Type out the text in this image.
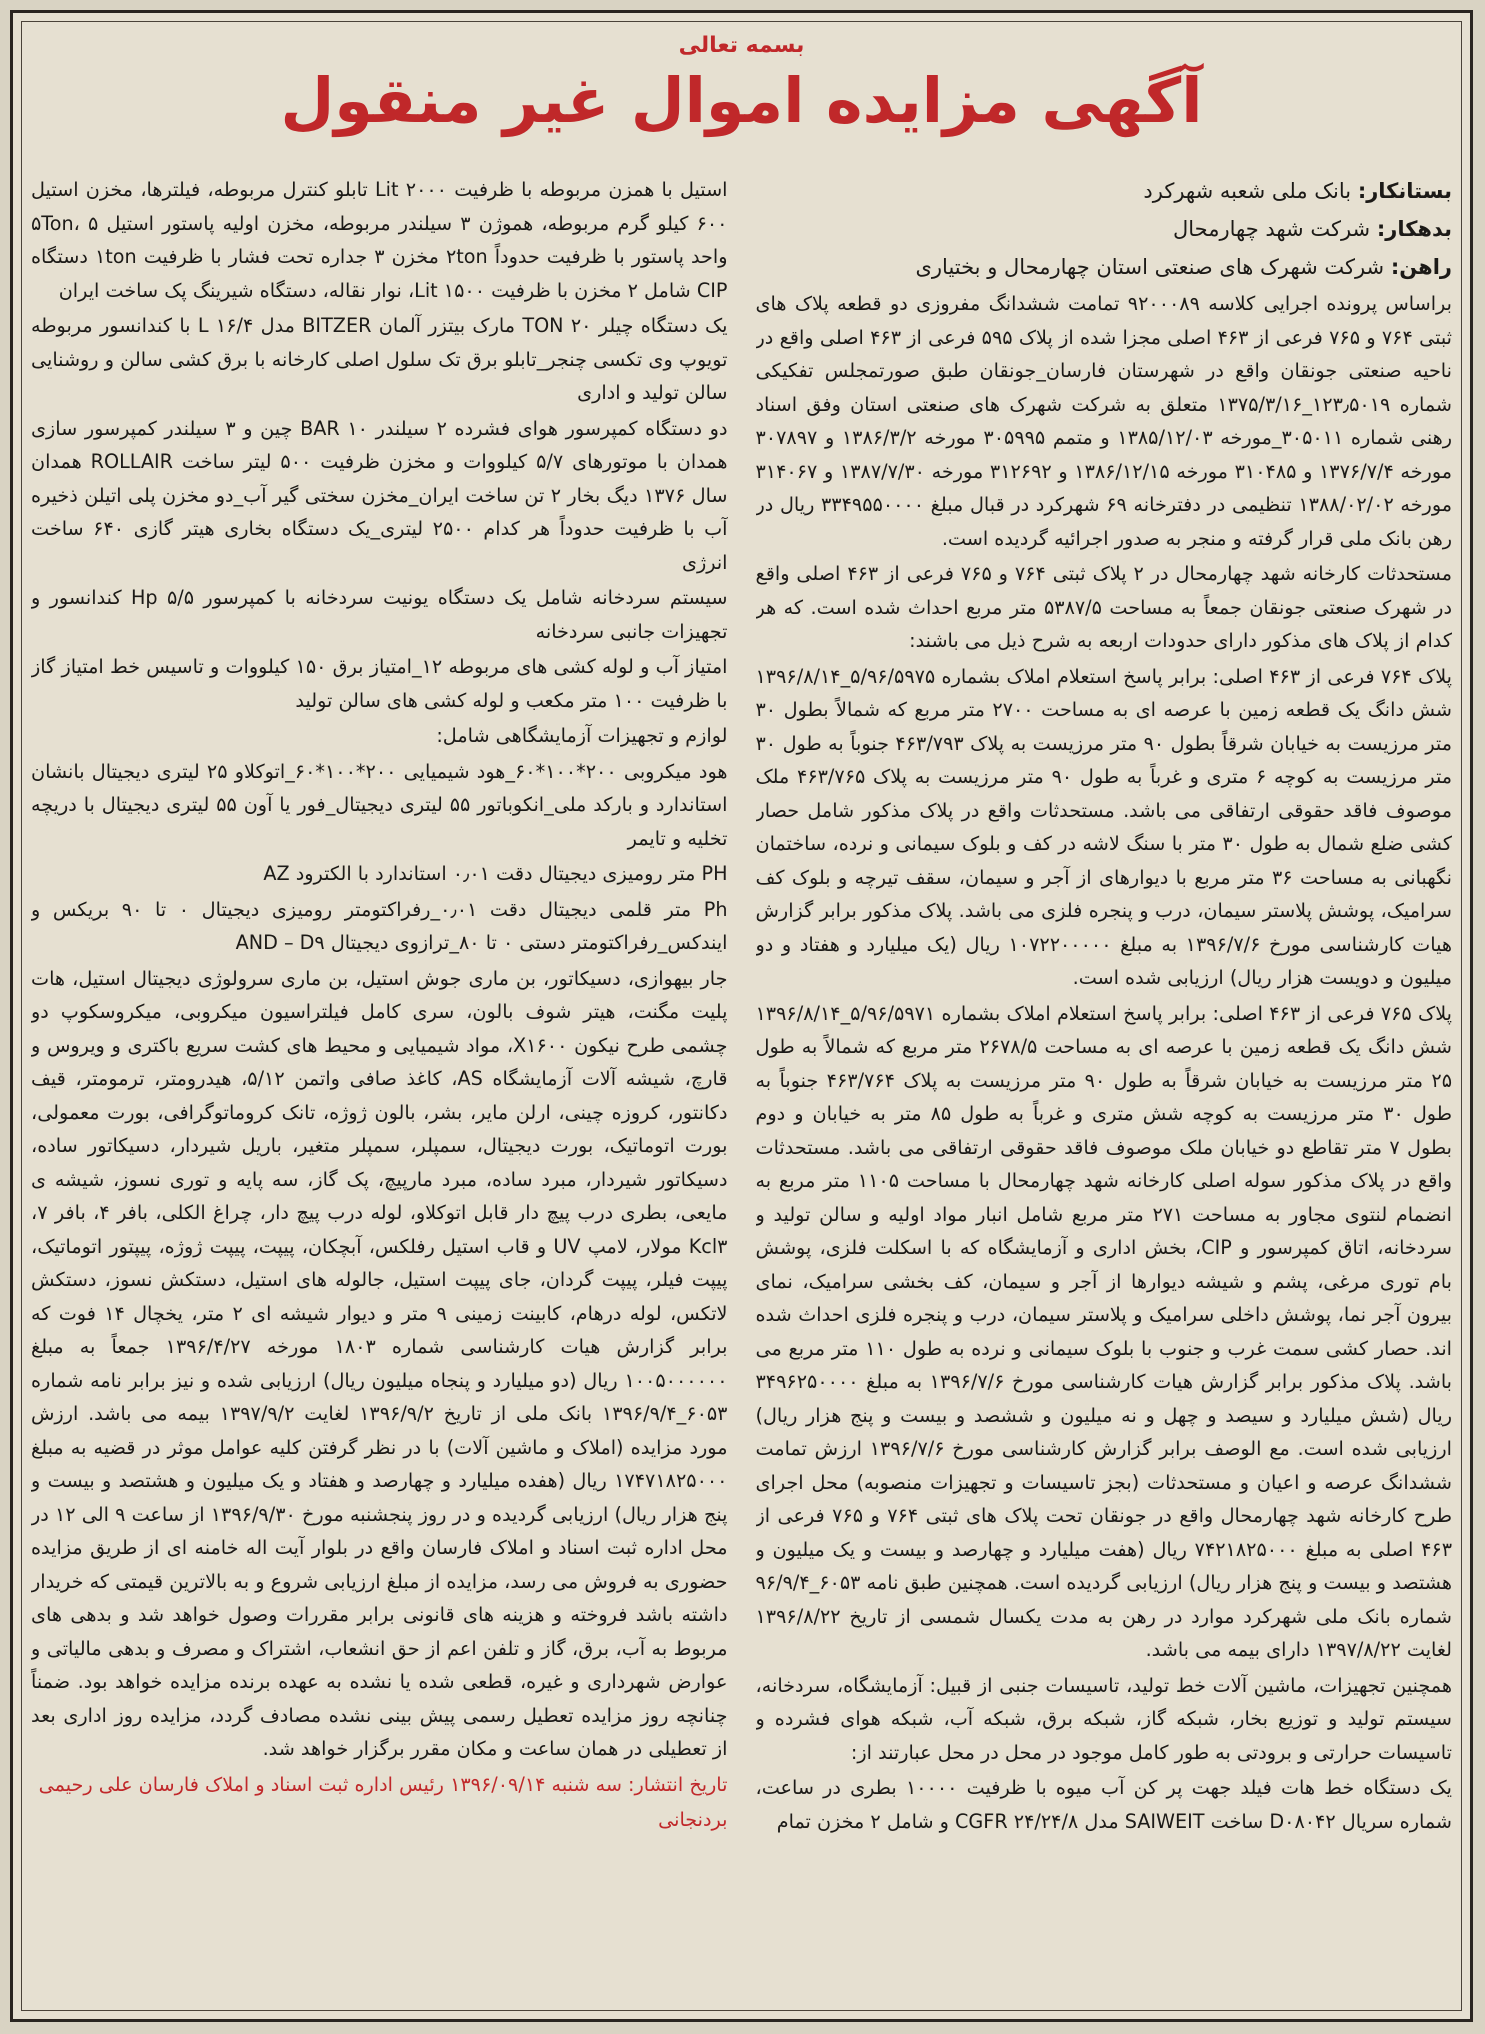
بسمه تعالی
آگهی مزایده اموال غیر منقول

بستانکار: بانک ملی شعبه شهرکرد

بدهکار: شرکت شهد چهارمحال

راهن: شرکت شهرک های صنعتی استان چهارمحال و بختیاری

براساس پرونده اجرایی کلاسه ۹۲۰۰۰۸۹ تمامت ششدانگ مفروزی دو قطعه پلاک های ثبتی ۷۶۴ و ۷۶۵ فرعی از ۴۶۳ اصلی مجزا شده از پلاک ۵۹۵ فرعی از ۴۶۳ اصلی واقع در ناحیه صنعتی جونقان واقع در شهرستان فارسان_جونقان طبق صورتمجلس تفکیکی شماره ۱۲۳٫۵۰۱۹_۱۳۷۵/۳/۱۶ متعلق به شرکت شهرک های صنعتی استان وفق اسناد رهنی شماره ۳۰۵۰۱۱_مورخه ۱۳۸۵/۱۲/۰۳ و متمم ۳۰۵۹۹۵ مورخه ۱۳۸۶/۳/۲ و ۳۰۷۸۹۷ مورخه ۱۳۷۶/۷/۴ و ۳۱۰۴۸۵ مورخه ۱۳۸۶/۱۲/۱۵ و ۳۱۲۶۹۲ مورخه ۱۳۸۷/۷/۳۰ و ۳۱۴۰۶۷ مورخه ۱۳۸۸/۰۲/۰۲ تنظیمی در دفترخانه ۶۹ شهرکرد در قبال مبلغ ۳۳۴۹۵۵۰۰۰۰ ریال در رهن بانک ملی قرار گرفته و منجر به صدور اجرائیه گردیده است.

مستحدثات کارخانه شهد چهارمحال در ۲ پلاک ثبتی ۷۶۴ و ۷۶۵ فرعی از ۴۶۳ اصلی واقع در شهرک صنعتی جونقان جمعاً به مساحت ۵۳۸۷/۵ متر مربع احداث شده است. که هر کدام از پلاک های مذکور دارای حدودات اربعه به شرح ذیل می باشند:

پلاک ۷۶۴ فرعی از ۴۶۳ اصلی: برابر پاسخ استعلام املاک بشماره ۵/۹۶/۵۹۷۵_۱۳۹۶/۸/۱۴ شش دانگ یک قطعه زمین با عرصه ای به مساحت ۲۷۰۰ متر مربع که شمالاً بطول ۳۰ متر مرزیست به خیابان شرقاً بطول ۹۰ متر مرزیست به پلاک ۴۶۳/۷۹۳ جنوباً به طول ۳۰ متر مرزیست به کوچه ۶ متری و غرباً به طول ۹۰ متر مرزیست به پلاک ۴۶۳/۷۶۵ ملک موصوف فاقد حقوقی ارتفاقی می باشد. مستحدثات واقع در پلاک مذکور شامل حصار کشی ضلع شمال به طول ۳۰ متر با سنگ لاشه در کف و بلوک سیمانی و نرده، ساختمان نگهبانی به مساحت ۳۶ متر مربع با دیوارهای از آجر و سیمان، سقف تیرچه و بلوک کف سرامیک، پوشش پلاستر سیمان، درب و پنجره فلزی می باشد. پلاک مذکور برابر گزارش هیات کارشناسی مورخ ۱۳۹۶/۷/۶ به مبلغ ۱۰۷۲۲۰۰۰۰۰ ریال (یک میلیارد و هفتاد و دو میلیون و دویست هزار ریال) ارزیابی شده است.

پلاک ۷۶۵ فرعی از ۴۶۳ اصلی: برابر پاسخ استعلام املاک بشماره ۵/۹۶/۵۹۷۱_۱۳۹۶/۸/۱۴ شش دانگ یک قطعه زمین با عرصه ای به مساحت ۲۶۷۸/۵ متر مربع که شمالاً به طول ۲۵ متر مرزیست به خیابان شرقاً به طول ۹۰ متر مرزیست به پلاک ۴۶۳/۷۶۴ جنوباً به طول ۳۰ متر مرزیست به کوچه شش متری و غرباً به طول ۸۵ متر به خیابان و دوم بطول ۷ متر تقاطع دو خیابان ملک موصوف فاقد حقوقی ارتفاقی می باشد. مستحدثات واقع در پلاک مذکور سوله اصلی کارخانه شهد چهارمحال با مساحت ۱۱۰۵ متر مربع به انضمام لنتوی مجاور به مساحت ۲۷۱ متر مربع شامل انبار مواد اولیه و سالن تولید و سردخانه، اتاق کمپرسور و CIP، بخش اداری و آزمایشگاه که با اسکلت فلزی، پوشش بام توری مرغی، پشم و شیشه دیوارها از آجر و سیمان، کف بخشی سرامیک، نمای بیرون آجر نما، پوشش داخلی سرامیک و پلاستر سیمان، درب و پنجره فلزی احداث شده اند. حصار کشی سمت غرب و جنوب با بلوک سیمانی و نرده به طول ۱۱۰ متر مربع می باشد. پلاک مذکور برابر گزارش هیات کارشناسی مورخ ۱۳۹۶/۷/۶ به مبلغ ۳۴۹۶۲۵۰۰۰۰ ریال (شش میلیارد و سیصد و چهل و نه میلیون و ششصد و بیست و پنج هزار ریال) ارزیابی شده است. مع الوصف برابر گزارش کارشناسی مورخ ۱۳۹۶/۷/۶ ارزش تمامت ششدانگ عرصه و اعیان و مستحدثات (بجز تاسیسات و تجهیزات منصوبه) محل اجرای طرح کارخانه شهد چهارمحال واقع در جونقان تحت پلاک های ثبتی ۷۶۴ و ۷۶۵ فرعی از ۴۶۳ اصلی به مبلغ ۷۴۲۱۸۲۵۰۰۰ ریال (هفت میلیارد و چهارصد و بیست و یک میلیون و هشتصد و بیست و پنج هزار ریال) ارزیابی گردیده است. همچنین طبق نامه ۶۰۵۳_۹۶/۹/۴ شماره بانک ملی شهرکرد موارد در رهن به مدت یکسال شمسی از تاریخ ۱۳۹۶/۸/۲۲ لغایت ۱۳۹۷/۸/۲۲ دارای بیمه می باشد.

همچنین تجهیزات، ماشین آلات خط تولید، تاسیسات جنبی از قبیل: آزمایشگاه، سردخانه، سیستم تولید و توزیع بخار، شبکه گاز، شبکه برق، شبکه آب، شبکه هوای فشرده و تاسیسات حرارتی و برودتی به طور کامل موجود در محل در محل عبارتند از:

یک دستگاه خط هات فیلد جهت پر کن آب میوه با ظرفیت ۱۰۰۰۰ بطری در ساعت، شماره سریال D۰۸۰۴۲ ساخت SAIWEIT مدل CGFR ۲۴/۲۴/۸ و شامل ۲ مخزن تمام

استیل با همزن مربوطه با ظرفیت Lit ۲۰۰۰ تابلو کنترل مربوطه، فیلترها، مخزن استیل ۶۰۰ کیلو گرم مربوطه، هموژن ۳ سیلندر مربوطه، مخزن اولیه پاستور استیل ۵Ton، ۵ واحد پاستور با ظرفیت حدوداً ۲ton مخزن ۳ جداره تحت فشار با ظرفیت ۱ton دستگاه CIP شامل ۲ مخزن با ظرفیت Lit ۱۵۰۰، نوار نقاله، دستگاه شیرینگ پک ساخت ایران

یک دستگاه چیلر TON ۲۰ مارک بیتزر آلمان BITZER مدل L ۱۶/۴ با کندانسور مربوطه تویوپ وی تکسی چنجر_تابلو برق تک سلول اصلی کارخانه با برق کشی سالن و روشنایی سالن تولید و اداری

دو دستگاه کمپرسور هوای فشرده ۲ سیلندر BAR ۱۰ چین و ۳ سیلندر کمپرسور سازی همدان با موتورهای ۵/۷ کیلووات و مخزن ظرفیت ۵۰۰ لیتر ساخت ROLLAIR همدان سال ۱۳۷۶ دیگ بخار ۲ تن ساخت ایران_مخزن سختی گیر آب_دو مخزن پلی اتیلن ذخیره آب با ظرفیت حدوداً هر کدام ۲۵۰۰ لیتری_یک دستگاه بخاری هیتر گازی ۶۴۰ ساخت انرژی

سیستم سردخانه شامل یک دستگاه یونیت سردخانه با کمپرسور Hp ۵/۵ کندانسور و تجهیزات جانبی سردخانه

امتیاز آب و لوله کشی های مربوطه ۱۲_امتیاز برق ۱۵۰ کیلووات و تاسیس خط امتیاز گاز با ظرفیت ۱۰۰ متر مکعب و لوله کشی های سالن تولید

لوازم و تجهیزات آزمایشگاهی شامل:

هود میکروبی ۲۰۰*۱۰۰*۶۰_هود شیمیایی ۲۰۰*۱۰۰*۶۰_اتوکلاو ۲۵ لیتری دیجیتال بانشان استاندارد و بارکد ملی_انکوباتور ۵۵ لیتری دیجیتال_فور یا آون ۵۵ لیتری دیجیتال با دریچه تخلیه و تایمر

PH متر رومیزی دیجیتال دقت ۰٫۰۱ استاندارد با الکترود AZ

Ph متر قلمی دیجیتال دقت ۰٫۰۱_رفراکتومتر رومیزی دیجیتال ۰ تا ۹۰ بریکس و ایندکس_رفراکتومتر دستی ۰ تا ۸۰_ترازوی دیجیتال AND – D۹

جار بیهوازی، دسیکاتور، بن ماری جوش استیل، بن ماری سرولوژی دیجیتال استیل، هات پلیت مگنت، هیتر شوف بالون، سری کامل فیلتراسیون میکروبی، میکروسکوپ دو چشمی طرح نیکون X۱۶۰۰، مواد شیمیایی و محیط های کشت سریع باکتری و ویروس و قارچ، شیشه آلات آزمایشگاه AS، کاغذ صافی واتمن ۵/۱۲، هیدرومتر، ترمومتر، قیف دکانتور، کروزه چینی، ارلن مایر، بشر، بالون ژوژه، تانک کروماتوگرافی، بورت معمولی، بورت اتوماتیک، بورت دیجیتال، سمپلر، سمپلر متغیر، باریل شیردار، دسیکاتور ساده، دسیکاتور شیردار، مبرد ساده، مبرد مارپیچ، پک گاز، سه پایه و توری نسوز، شیشه ی مایعی، بطری درب پیچ دار قابل اتوکلاو، لوله درب پیچ دار، چراغ الکلی، بافر ۴، بافر ۷، Kcl۳ مولار، لامپ UV و قاب استیل رفلکس، آبچکان، پیپت، پیپت ژوژه، پیپتور اتوماتیک، پیپت فیلر، پیپت گردان، جای پیپت استیل، جالوله های استیل، دستکش نسوز، دستکش لاتکس، لوله درهام، کابینت زمینی ۹ متر و دیوار شیشه ای ۲ متر، یخچال ۱۴ فوت که برابر گزارش هیات کارشناسی شماره ۱۸۰۳ مورخه ۱۳۹۶/۴/۲۷ جمعاً به مبلغ ۱۰۰۵۰۰۰۰۰۰ ریال (دو میلیارد و پنجاه میلیون ریال) ارزیابی شده و نیز برابر نامه شماره ۶۰۵۳_۱۳۹۶/۹/۴ بانک ملی از تاریخ ۱۳۹۶/۹/۲ لغایت ۱۳۹۷/۹/۲ بیمه می باشد. ارزش مورد مزایده (املاک و ماشین آلات) با در نظر گرفتن کلیه عوامل موثر در قضیه به مبلغ ۱۷۴۷۱۸۲۵۰۰۰ ریال (هفده میلیارد و چهارصد و هفتاد و یک میلیون و هشتصد و بیست و پنج هزار ریال) ارزیابی گردیده و در روز پنجشنبه مورخ ۱۳۹۶/۹/۳۰ از ساعت ۹ الی ۱۲ در محل اداره ثبت اسناد و املاک فارسان واقع در بلوار آیت اله خامنه ای از طریق مزایده حضوری به فروش می رسد، مزایده از مبلغ ارزیابی شروع و به بالاترین قیمتی که خریدار داشته باشد فروخته و هزینه های قانونی برابر مقررات وصول خواهد شد و بدهی های مربوط به آب، برق، گاز و تلفن اعم از حق انشعاب، اشتراک و مصرف و بدهی مالیاتی و عوارض شهرداری و غیره، قطعی شده یا نشده به عهده برنده مزایده خواهد بود. ضمناً چنانچه روز مزایده تعطیل رسمی پیش بینی نشده مصادف گردد، مزایده روز اداری بعد از تعطیلی در همان ساعت و مکان مقرر برگزار خواهد شد.

تاریخ انتشار: سه شنبه ۱۳۹۶/۰۹/۱۴ رئیس اداره ثبت اسناد و املاک فارسان علی رحیمی

بردنجانی
